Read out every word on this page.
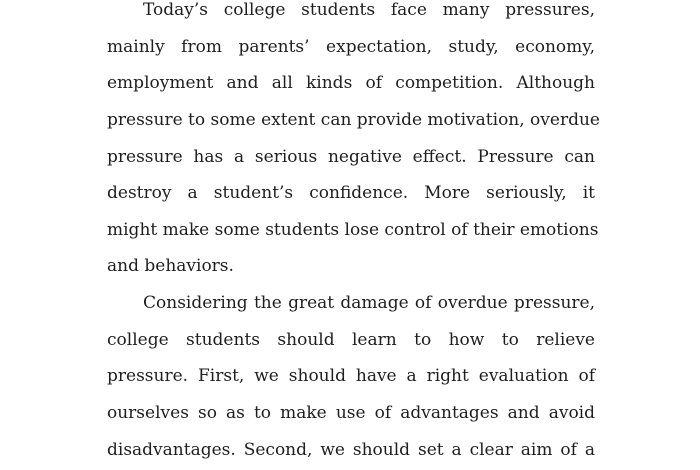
Today’s college students face many pressures,
mainly from parents’ expectation, study, economy,
employment and all kinds of competition. Although
pressure to some extent can provide motivation, overdue
pressure has a serious negative effect. Pressure can
destroy a student’s confidence. More seriously, it
might make some students lose control of their emotions
and behaviors.
Considering the great damage of overdue pressure,
college students should learn to how to relieve
pressure. First, we should have a right evaluation of
ourselves so as to make use of advantages and avoid
disadvantages. Second, we should set a clear aim of a
